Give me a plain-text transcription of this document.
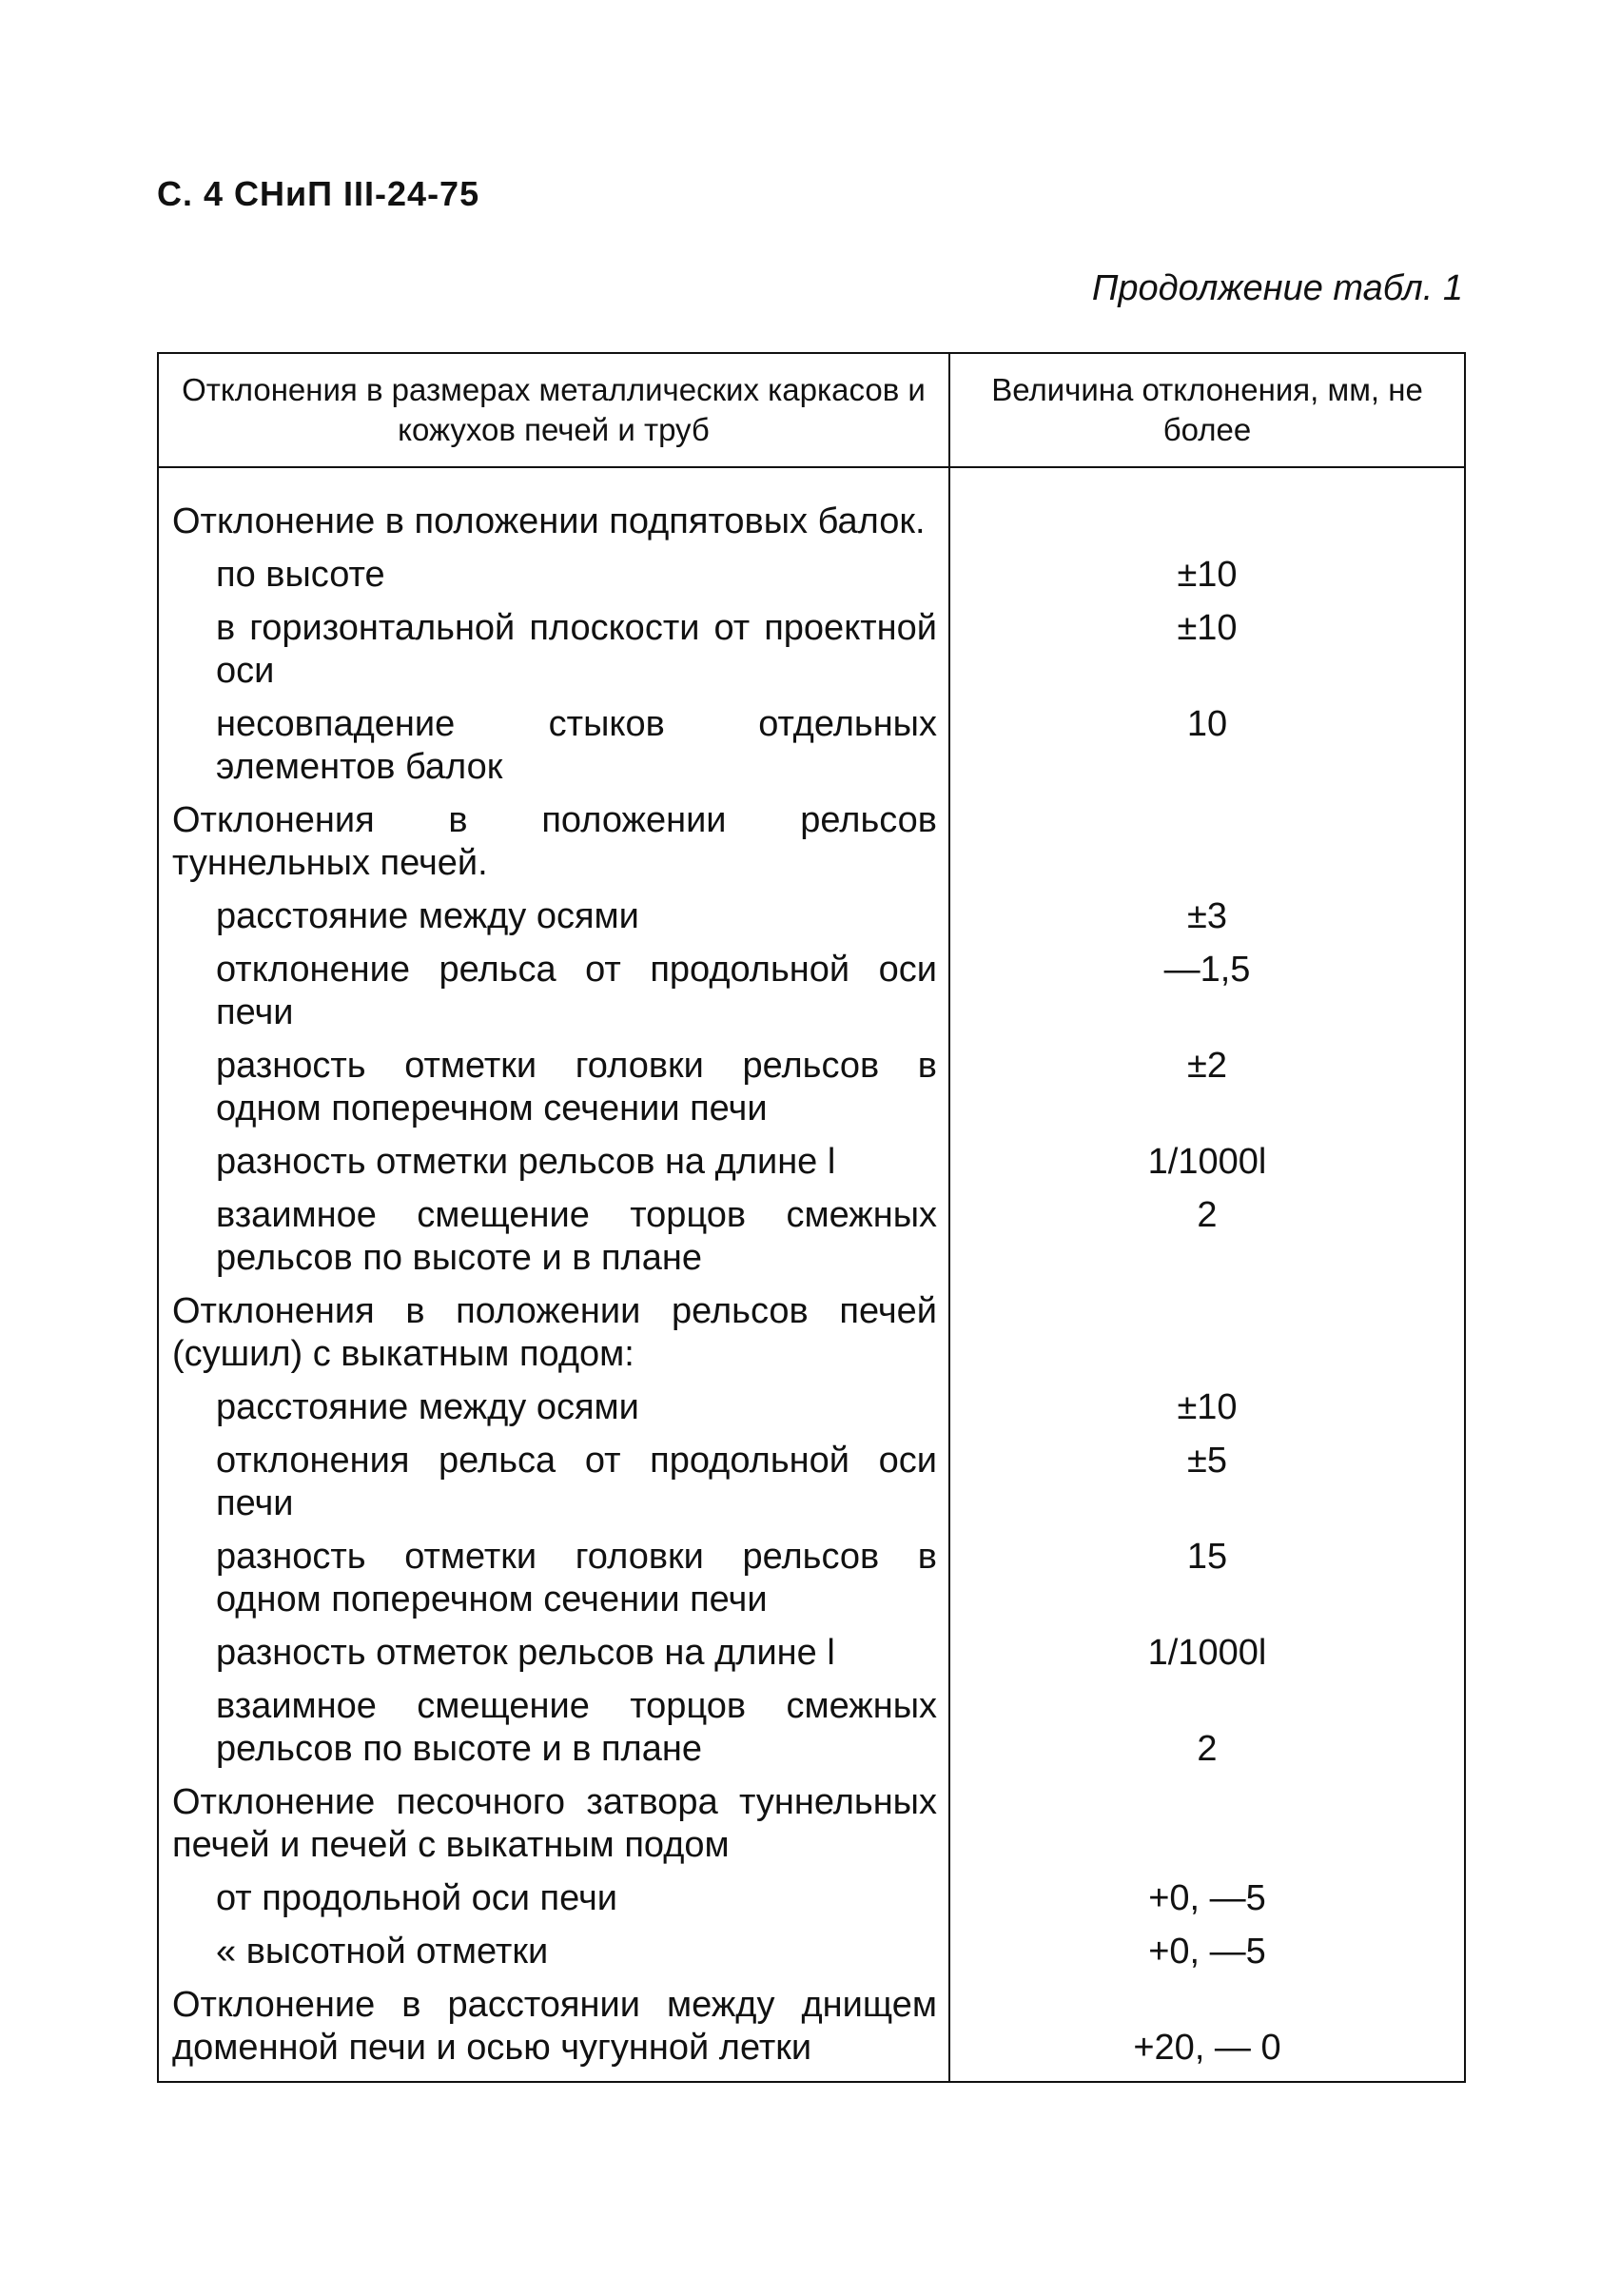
С. 4 СНиП III-24-75

Продолжение табл. 1

Отклонения в размерах металлических каркасов и кожухов печей и труб	Величина отклонения, мм, не более
Отклонение в положении подпятовых балок.	
по высоте	±10
в горизонтальной плоскости от проектной оси	±10
несовпадение стыков отдельных элементов балок	10
Отклонения в положении рельсов туннельных печей.	
расстояние между осями	±3
отклонение рельса от продольной оси печи	—1,5
разность отметки головки рельсов в одном поперечном сечении печи	±2
разность отметки рельсов на длине l	1/1000l
взаимное смещение торцов смежных рельсов по высоте и в плане	2
Отклонения в положении рельсов печей (сушил) с выкатным подом:	
расстояние между осями	±10
отклонения рельса от продольной оси печи	±5
разность отметки головки рельсов в одном поперечном сечении печи	15
разность отметок рельсов на длине l	1/1000l
взаимное смещение торцов смежных рельсов по высоте и в плане	2
Отклонение песочного затвора туннельных печей и печей с выкатным подом	
от продольной оси печи	+0, —5
« высотной отметки	+0, —5
Отклонение в расстоянии между днищем доменной печи и осью чугунной летки	+20, — 0
